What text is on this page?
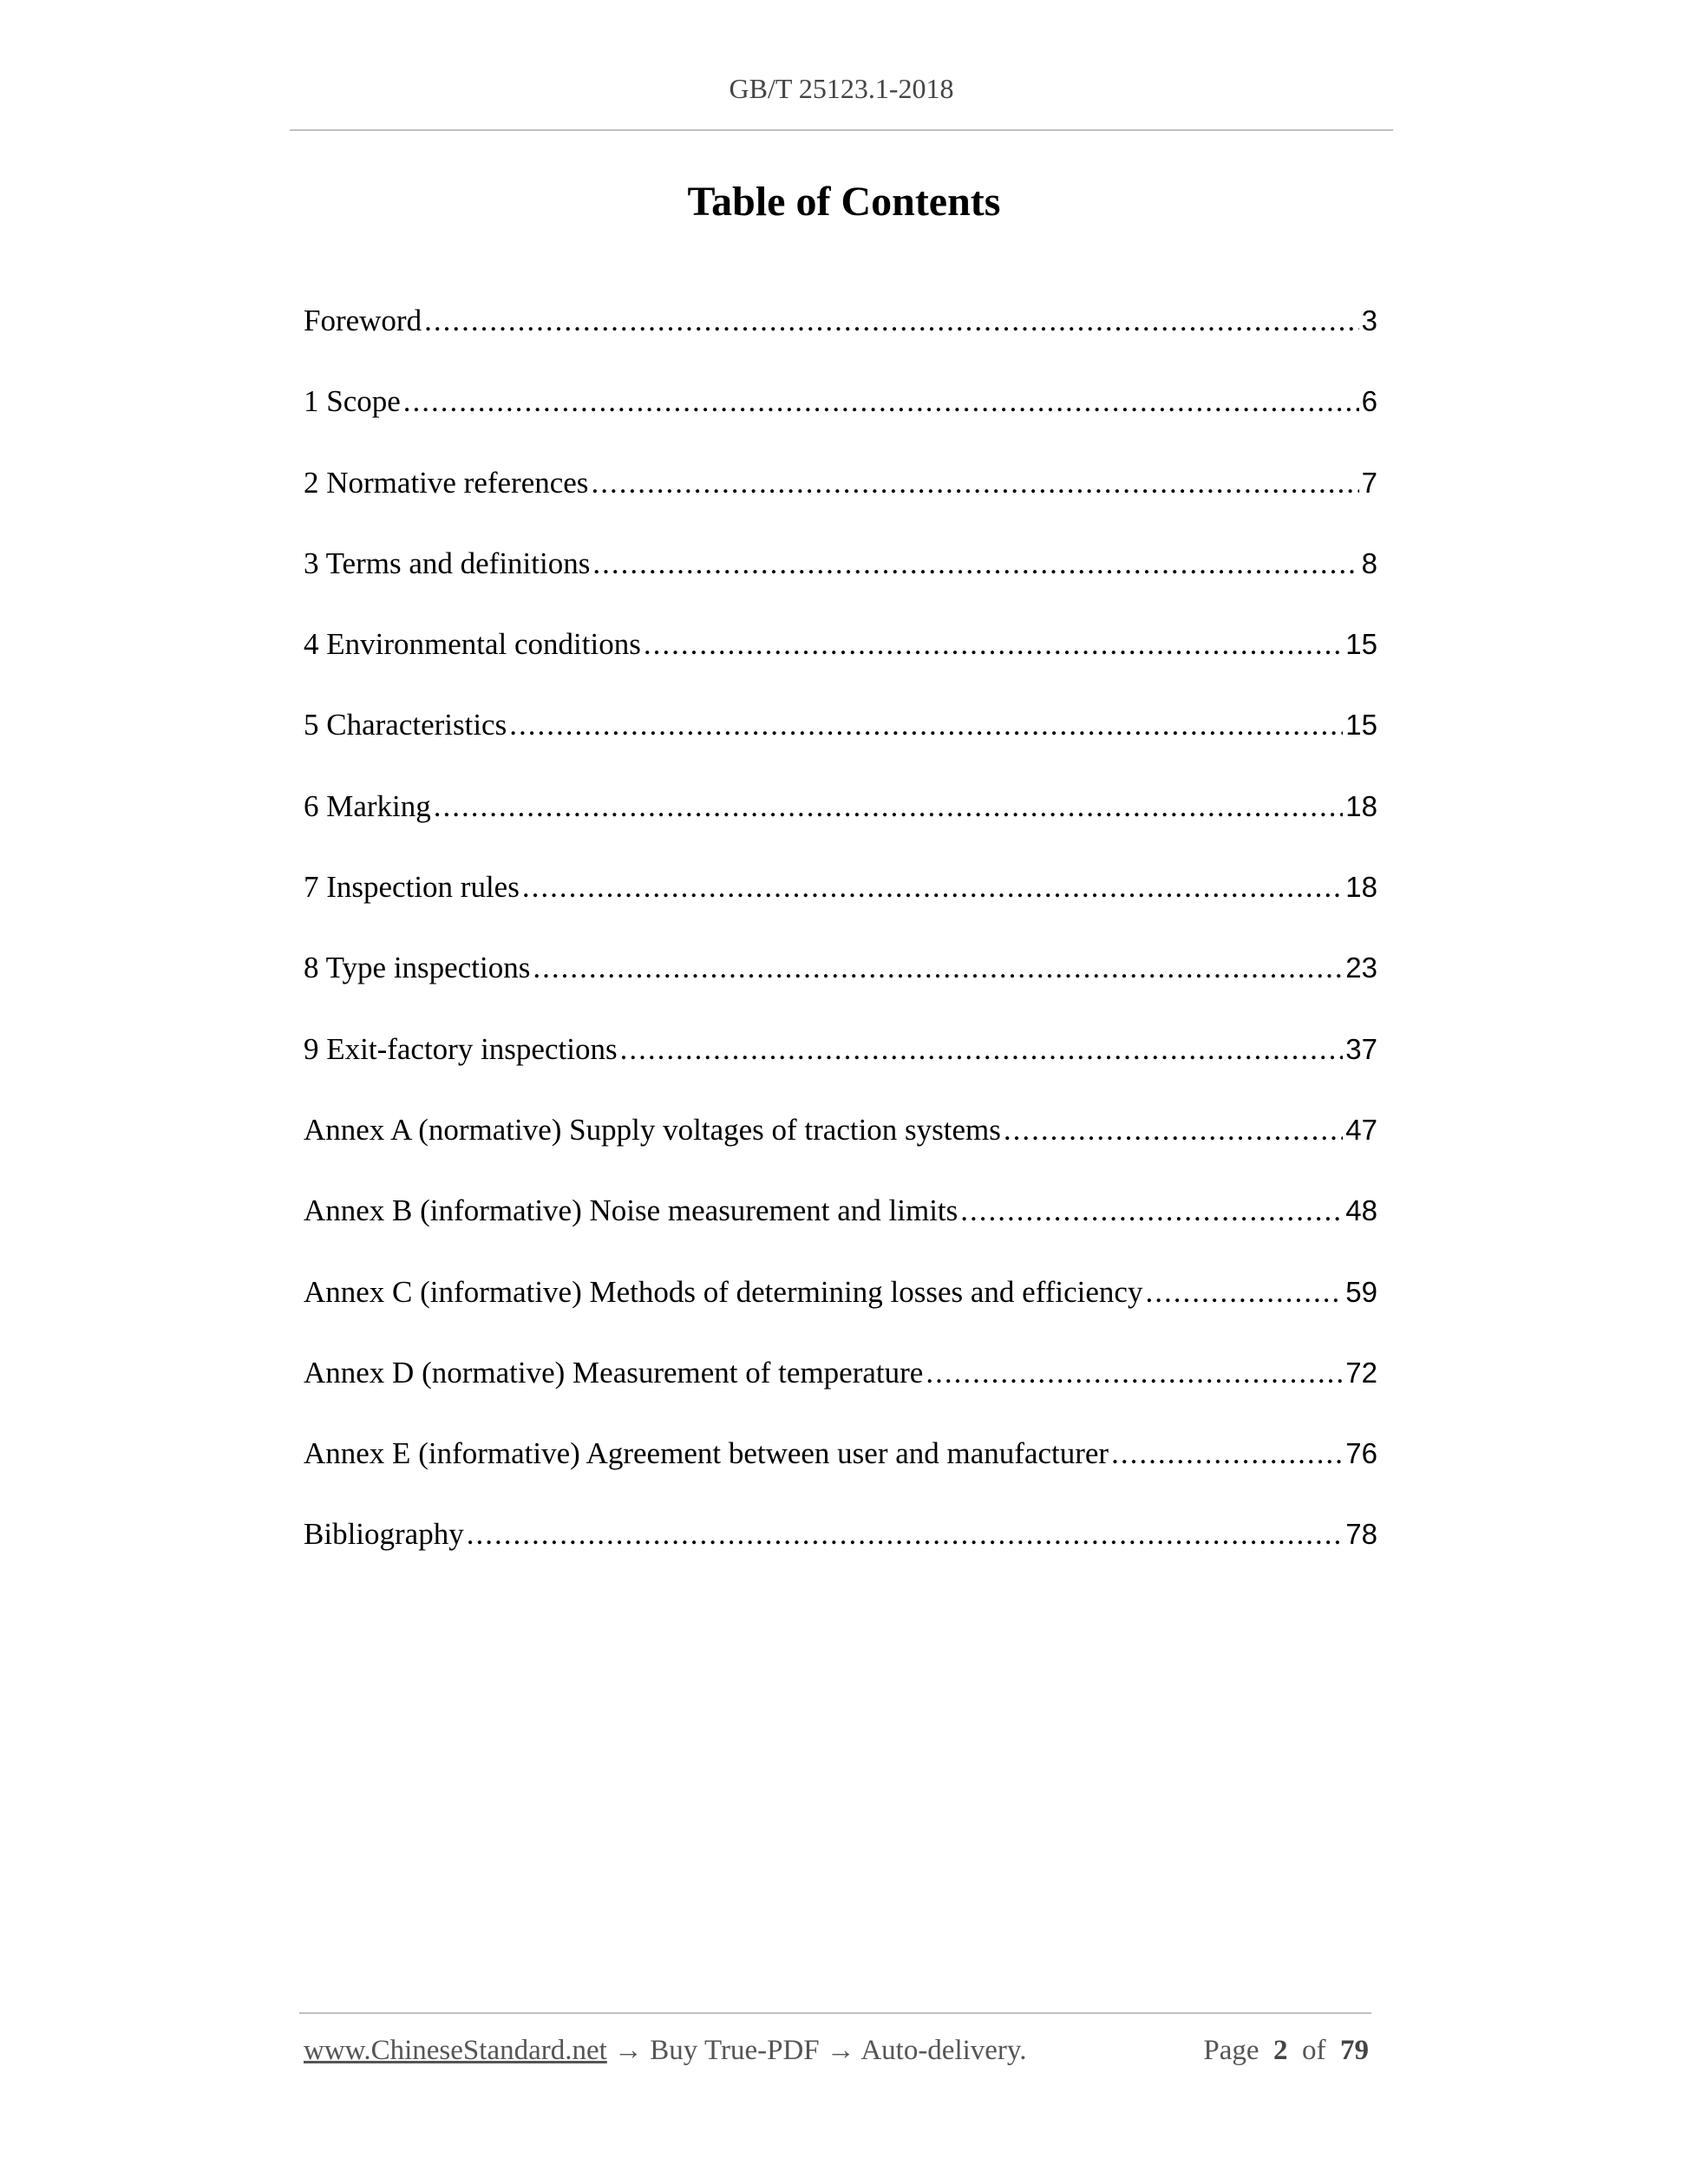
GB/T 25123.1-2018
Table of Contents
Foreword .....	3
1 Scope .....	6
2 Normative references .....	7
3 Terms and definitions .....	8
4 Environmental conditions .....	15
5 Characteristics .....	15
6 Marking .....	18
7 Inspection rules .....	18
8 Type inspections .....	23
9 Exit-factory inspections .....	37
Annex A (normative) Supply voltages of traction systems .....	47
Annex B (informative) Noise measurement and limits .....	48
Annex C (informative) Methods of determining losses and efficiency .....	59
Annex D (normative) Measurement of temperature .....	72
Annex E (informative) Agreement between user and manufacturer .....	76
Bibliography .....	78
www.ChineseStandard.net → Buy True-PDF → Auto-delivery.	Page 2 of 79
